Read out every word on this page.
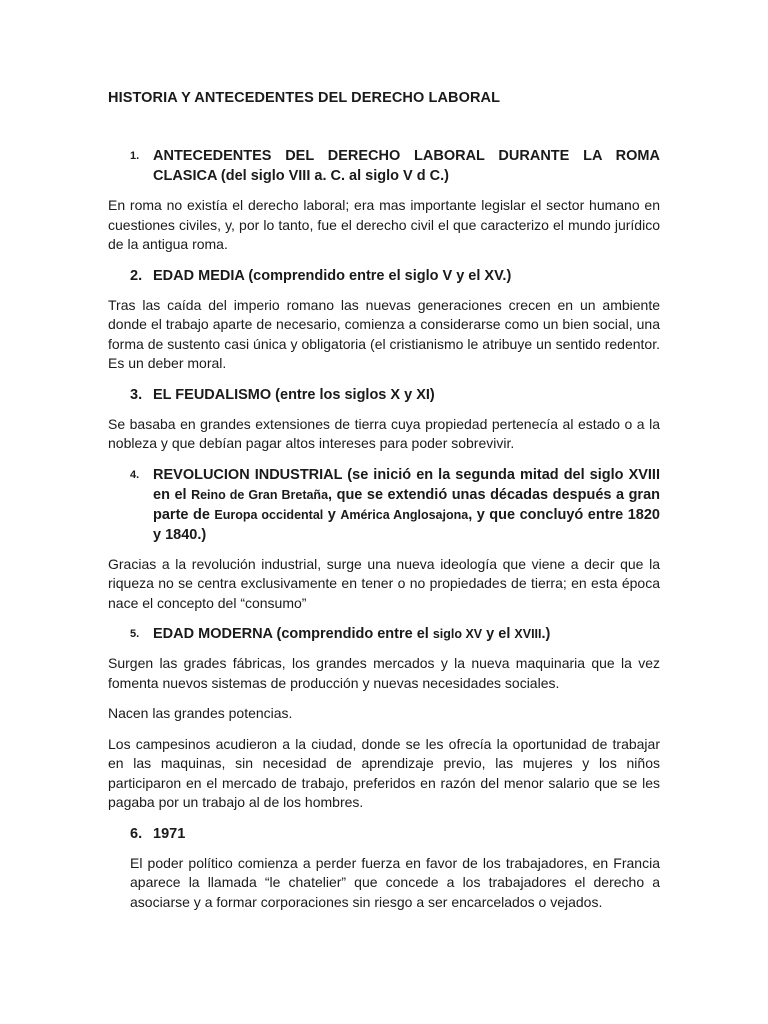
HISTORIA Y ANTECEDENTES DEL DERECHO LABORAL
1. ANTECEDENTES DEL DERECHO LABORAL DURANTE LA ROMA CLASICA (del siglo VIII a. C. al siglo V d C.)

En roma no existía el derecho laboral; era mas importante legislar el sector humano en cuestiones civiles, y, por lo tanto, fue el derecho civil el que caracterizo el mundo jurídico de la antigua roma.

2. EDAD MEDIA (comprendido entre el siglo V y el XV.)

Tras las caída del imperio romano las nuevas generaciones crecen en un ambiente donde el trabajo aparte de necesario, comienza a considerarse como un bien social, una forma de sustento casi única y obligatoria (el cristianismo le atribuye un sentido redentor. Es un deber moral.

3. EL FEUDALISMO (entre los siglos X y XI)

Se basaba en grandes extensiones de tierra cuya propiedad pertenecía al estado o a la nobleza y que debían pagar altos intereses para poder sobrevivir.

4. REVOLUCION INDUSTRIAL (se inició en la segunda mitad del siglo XVIII en el Reino de Gran Bretaña, que se extendió unas décadas después a gran parte de Europa occidental y América Anglosajona, y que concluyó entre 1820 y 1840.)

Gracias a la revolución industrial, surge una nueva ideología que viene a decir que la riqueza no se centra exclusivamente en tener o no propiedades de tierra; en esta época nace el concepto del “consumo”

5. EDAD MODERNA (comprendido entre el siglo XV y el XVIII.)

Surgen las grades fábricas, los grandes mercados y la nueva maquinaria que la vez fomenta nuevos sistemas de producción y nuevas necesidades sociales.

Nacen las grandes potencias.

Los campesinos acudieron a la ciudad, donde se les ofrecía la oportunidad de trabajar en las maquinas, sin necesidad de aprendizaje previo, las mujeres y los niños participaron en el mercado de trabajo, preferidos en razón del menor salario que se les pagaba por un trabajo al de los hombres.

6. 1971

El poder político comienza a perder fuerza en favor de los trabajadores, en Francia aparece la llamada “le chatelier” que concede a los trabajadores el derecho a asociarse y a formar corporaciones sin riesgo a ser encarcelados o vejados.
